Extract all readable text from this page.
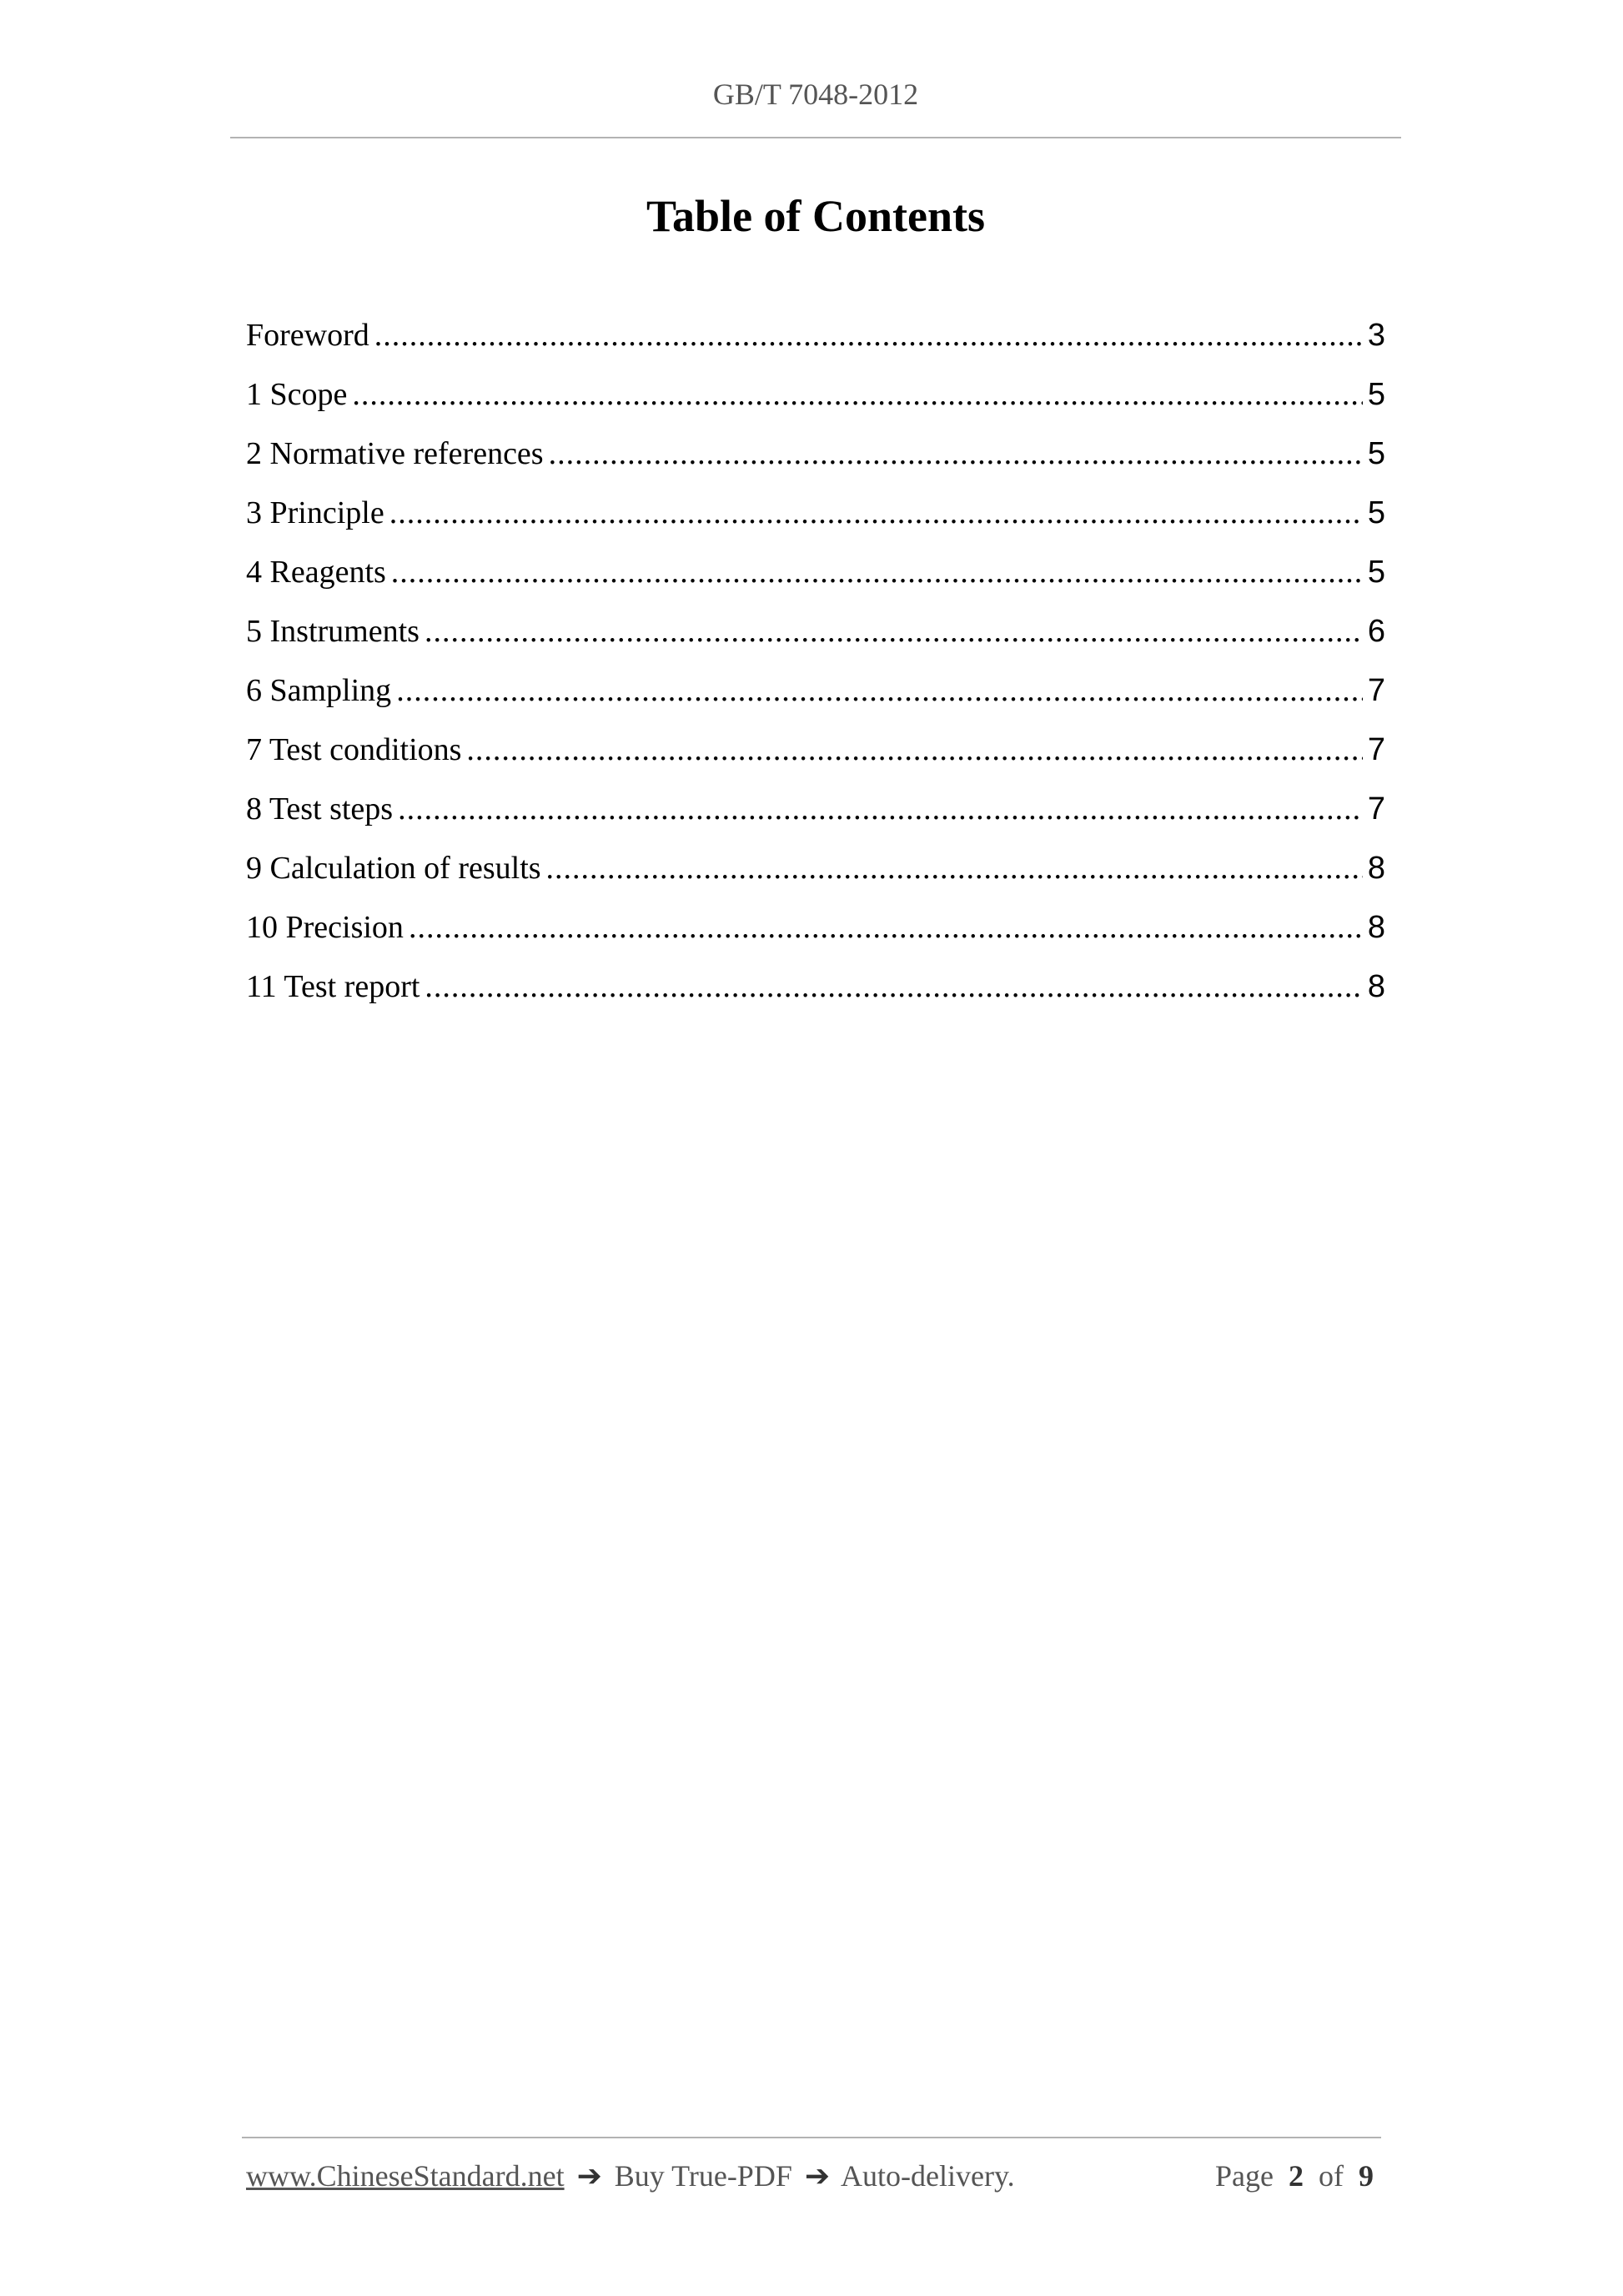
GB/T 7048-2012
Table of Contents
Foreword .....	3
1 Scope .....	5
2 Normative references .....	5
3 Principle .....	5
4 Reagents .....	5
5 Instruments .....	6
6 Sampling .....	7
7 Test conditions .....	7
8 Test steps .....	7
9 Calculation of results .....	8
10 Precision .....	8
11 Test report .....	8
www.ChineseStandard.net ➔ Buy True-PDF ➔ Auto-delivery.	Page 2 of 9
